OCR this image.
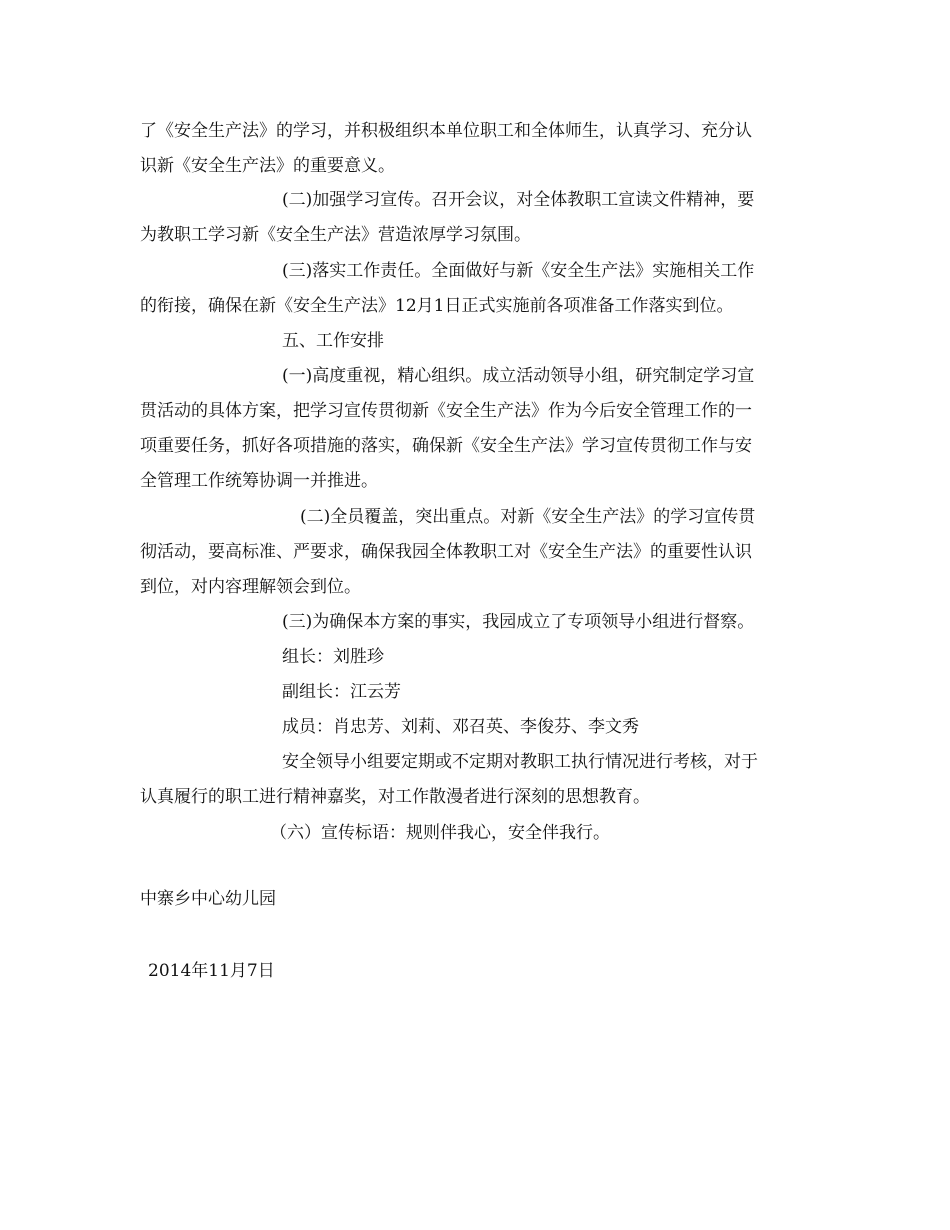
了《安全生产法》的学习，并积极组织本单位职工和全体师生，认真学习、充分认
识新《安全生产法》的重要意义。
(二)加强学习宣传。召开会议，对全体教职工宣读文件精神，要
为教职工学习新《安全生产法》营造浓厚学习氛围。
(三)落实工作责任。全面做好与新《安全生产法》实施相关工作
的衔接，确保在新《安全生产法》12月1日正式实施前各项准备工作落实到位。
五、工作安排
(一)高度重视，精心组织。成立活动领导小组，研究制定学习宣
贯活动的具体方案，把学习宣传贯彻新《安全生产法》作为今后安全管理工作的一
项重要任务，抓好各项措施的落实，确保新《安全生产法》学习宣传贯彻工作与安
全管理工作统筹协调一并推进。
(二)全员覆盖，突出重点。对新《安全生产法》的学习宣传贯
彻活动，要高标准、严要求，确保我园全体教职工对《安全生产法》的重要性认识
到位，对内容理解领会到位。
(三)为确保本方案的事实，我园成立了专项领导小组进行督察。
组长：刘胜珍
副组长：江云芳
成员：肖忠芳、刘莉、邓召英、李俊芬、李文秀
安全领导小组要定期或不定期对教职工执行情况进行考核，对于
认真履行的职工进行精神嘉奖，对工作散漫者进行深刻的思想教育。
（六）宣传标语：规则伴我心，安全伴我行。
中寨乡中心幼儿园
2014年11月7日
